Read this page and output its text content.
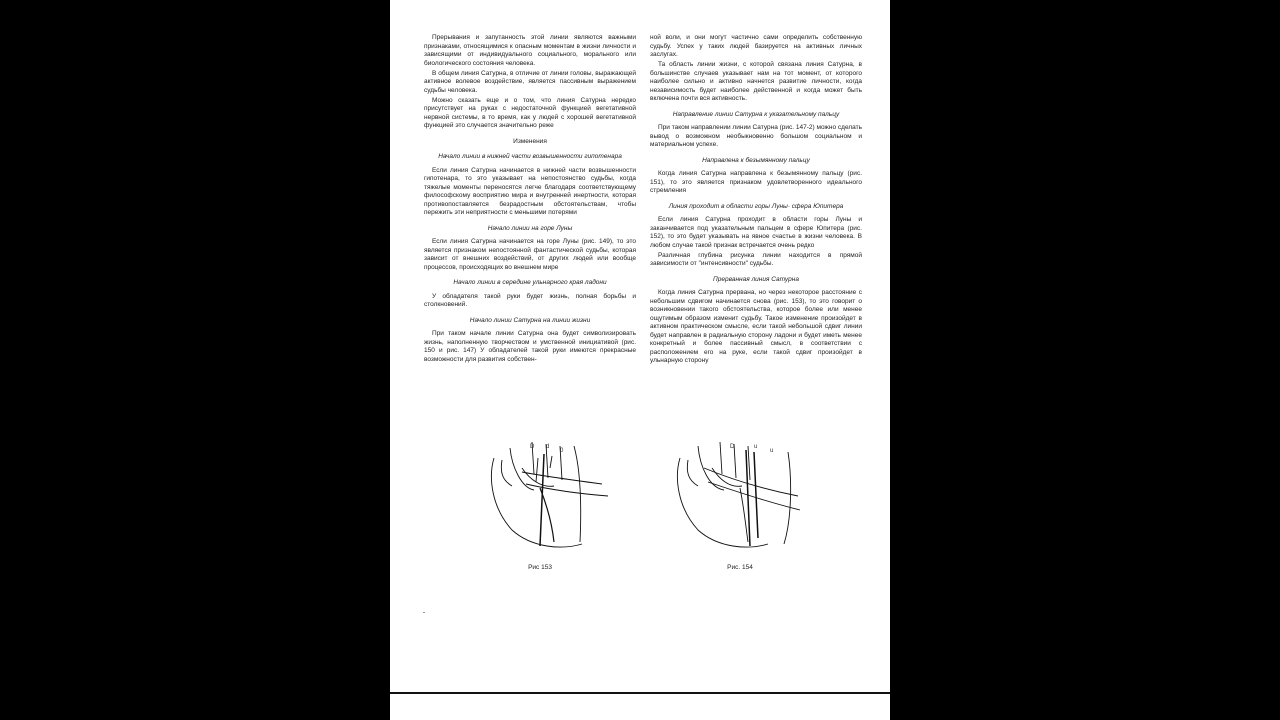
Прерывания и запутанность этой линии являются важными признаками, относящимися к опасным моментам в жизни личности и зависящими от индивидуального социального, морального или биологического состояния человека.

В общем линия Сатурна, в отличие от линии головы, выражающей активное волевое воздействие, является пассивным выражением судьбы человека.

Можно сказать еще и о том, что линия Сатурна нередко присутствует на руках с недостаточной функцией вегетативной нервной системы, в то время, как у людей с хорошей вегетативной функцией это случается значительно реже

Изменения
Начало линии в нижней части возвышенности гипотенара

Если линия Сатурна начинается в нижней части возвышенности гипотенара, то это указывает на непостоянство судьбы, когда тяжелые моменты переносятся легче благодаря соответствующему философскому восприятию мира и внутренней инертности, которая противопоставляется безрадостным обстоятельствам, чтобы пережить эти неприятности с меньшими потерями

Начало линии на горе Луны

Если линия Сатурна начинается на горе Луны (рис. 149), то это является признаком непостоянной фантастической судьбы, которая зависит от внешних воздействий, от других людей или вообще процессов, происходящих во внешнем мире

Начало линии в середине ульнарного края ладони

У обладателя такой руки будет жизнь, полная борьбы и столкновений.

Начало линии Сатурна на линии жизни

При таком начале линии Сатурна она будет символизировать жизнь, наполненную творчеством и умственной инициативой (рис. 150 и рис. 147) У обладателей такой руки имеются прекрасные возможности для развития собствен-

ной воли, и они могут частично сами определить собственную судьбу. Успех у таких людей базируется на активных личных заслугах.

Та область линии жизни, с которой связана линия Сатурна, в большинстве случаев указывает нам на тот момент, от которого наиболее сильно и активно начнется развитие личности, когда независимость будет наиболее действенной и когда может быть включена почти вся активность.

Направление линии Сатурна к указательному пальцу

При таком направлении линии Сатурна (рис. 147-2) можно сделать вывод о возможном необыкновенно большом социальном и материальном успехе.

Направлена к безымянному пальцу

Когда линия Сатурна направлена к безымянному пальцу (рис. 151), то это является признаком удовлетворенного идеального стремления

Линия проходит в области горы Луны· сфера Юпитера

Если линия Сатурна проходит в области горы Луны и заканчивается под указательным пальцем в сфере Юпитера (рис. 152), то это будет указывать на явное счастье в жизни человека. В любом случае такой признак встречается очень редко

Различная глубина рисунка линии находится в прямой зависимости от "интенсивности" судьбы.

Прерванная линия Сатурна

Когда линия Сатурна прервана, но через некоторое расстояние с небольшим сдвигом начинается снова (рис. 153), то это говорит о возникновении такого обстоятельства, которое более или менее ощутимым образом изменит судьбу. Такое изменение произойдет в активном практическом смысле, если такой небольшой сдвиг линии будет направлен в радиальную сторону ладони и будет иметь менее конкретный и более пассивный смысл, в соответствии с расположением его на руке, если такой сдвиг произойдет в ульнарную сторону

D d
0
D	u
u
Рис 153	Рис. 154
